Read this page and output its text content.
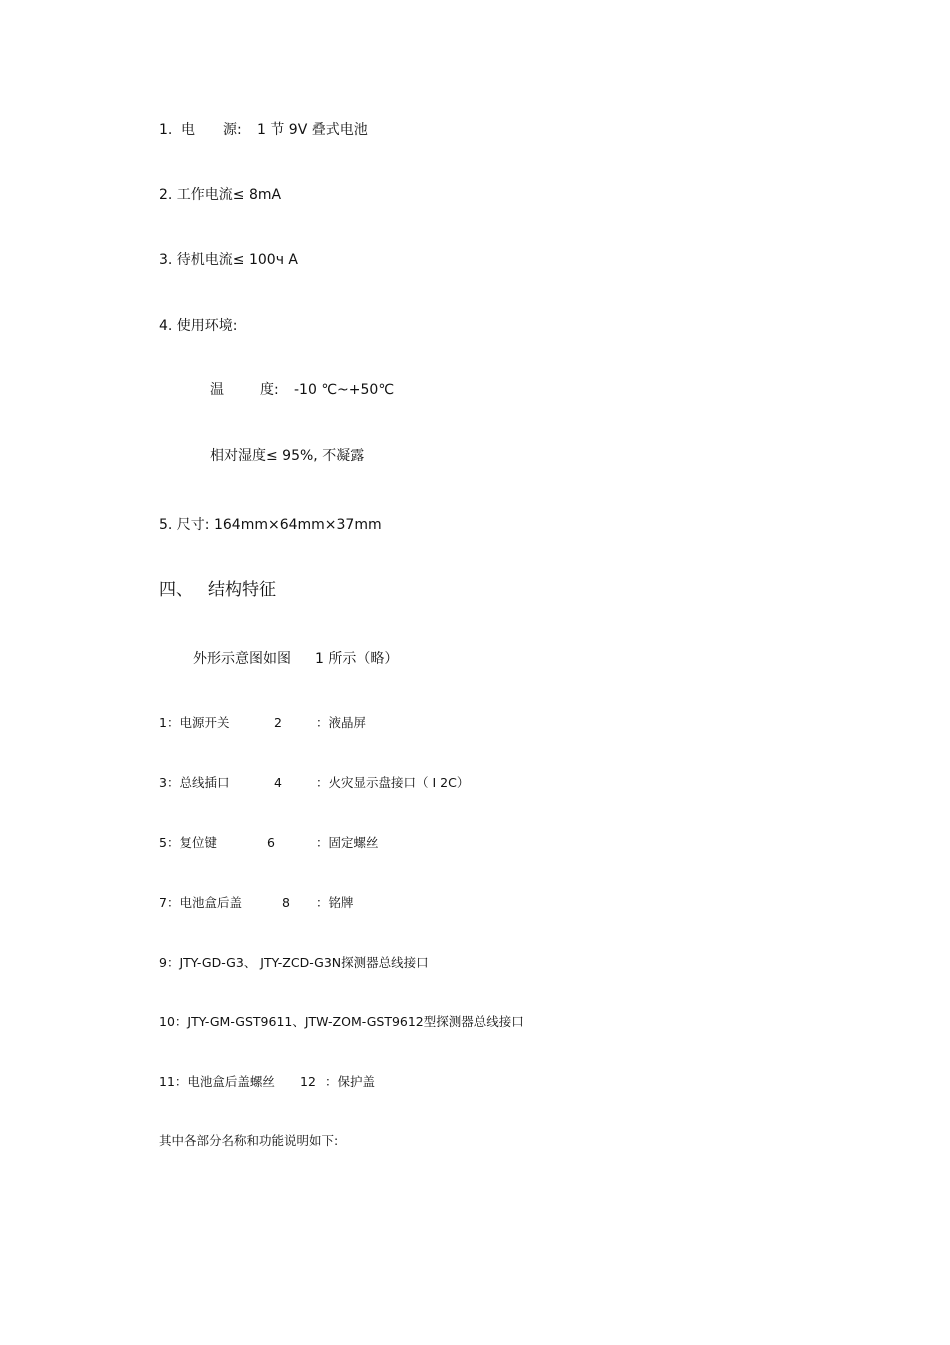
1. 电 源: 1 节 9V 叠式电池
2. 工作电流≤ 8mA
3. 待机电流≤ 100ч A
4. 使用环境:
温	度: -10 ℃~+50℃
相对湿度≤ 95%, 不凝露
5. 尺寸: 164mm×64mm×37mm
四、 结构特征
外形示意图如图 1 所示（略）
1：电源开关	2	：液晶屏
3：总线插口	4	：火灾显示盘接口（ I 2C）
5：复位键	6	：固定螺丝
7：电池盒后盖	8 ：铭牌
9：JTY-GD-G3、 JTY-ZCD-G3N探测器总线接口
10：JTY-GM-GST9611、JTW-ZOM-GST9612型探测器总线接口
11：电池盒后盖螺丝 12 ：保护盖
其中各部分名称和功能说明如下:
